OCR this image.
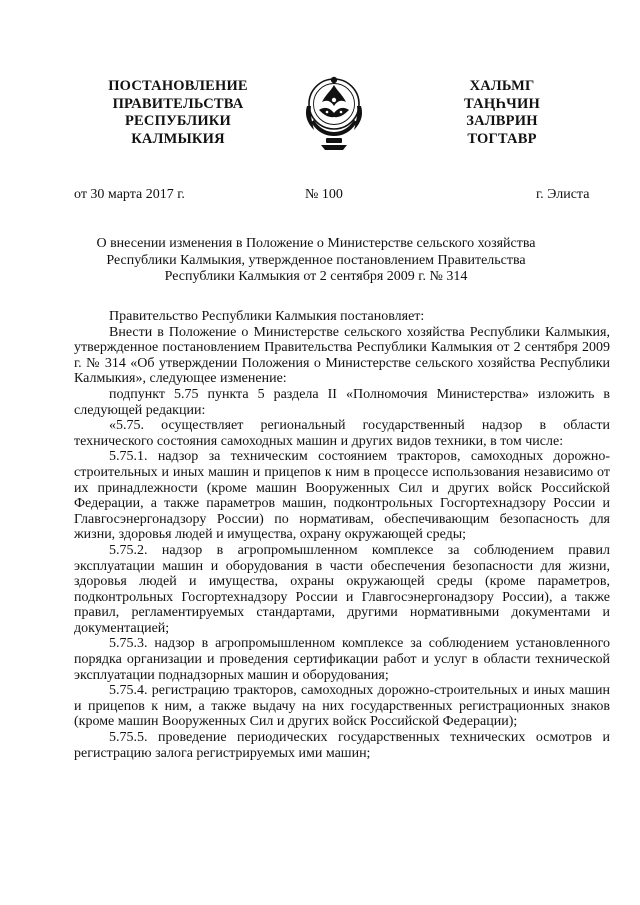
ПОСТАНОВЛЕНИЕ
ПРАВИТЕЛЬСТВА
РЕСПУБЛИКИ
КАЛМЫКИЯ
ХАЛЬМГ
ТАҢҺЧИН
ЗАЛВРИН
ТОГТАВР
от 30 марта 2017 г.	№ 100	г. Элиста
О внесении изменения в Положение о Министерстве сельского хозяйства
Республики Калмыкия, утвержденное постановлением Правительства
Республики Калмыкия от 2 сентября 2009 г. № 314

Правительство Республики Калмыкия постановляет:

Внести в Положение о Министерстве сельского хозяйства Республики Калмыкия, утвержденное постановлением Правительства Республики Калмыкия от 2 сентября 2009 г. № 314 «Об утверждении Положения о Министерстве сельского хозяйства Республики Калмыкия», следующее изменение:

подпункт 5.75 пункта 5 раздела II «Полномочия Министерства» изложить в следующей редакции:

«5.75. осуществляет региональный государственный надзор в области технического состояния самоходных машин и других видов техники, в том числе:

5.75.1. надзор за техническим состоянием тракторов, самоходных дорожно-строительных и иных машин и прицепов к ним в процессе использования независимо от их принадлежности (кроме машин Вооруженных Сил и других войск Российской Федерации, а также параметров машин, подконтрольных Госгортехнадзору России и Главгосэнергонадзору России) по нормативам, обеспечивающим безопасность для жизни, здоровья людей и имущества, охрану окружающей среды;

5.75.2. надзор в агропромышленном комплексе за соблюдением правил эксплуатации машин и оборудования в части обеспечения безопасности для жизни, здоровья людей и имущества, охраны окружающей среды (кроме параметров, подконтрольных Госгортехнадзору России и Главгосэнергонадзору России), а также правил, регламентируемых стандартами, другими нормативными документами и документацией;

5.75.3. надзор в агропромышленном комплексе за соблюдением установленного порядка организации и проведения сертификации работ и услуг в области технической эксплуатации поднадзорных машин и оборудования;

5.75.4. регистрацию тракторов, самоходных дорожно-строительных и иных машин и прицепов к ним, а также выдачу на них государственных регистрационных знаков (кроме машин Вооруженных Сил и других войск Российской Федерации);

5.75.5. проведение периодических государственных технических осмотров и регистрацию залога регистрируемых ими машин;
